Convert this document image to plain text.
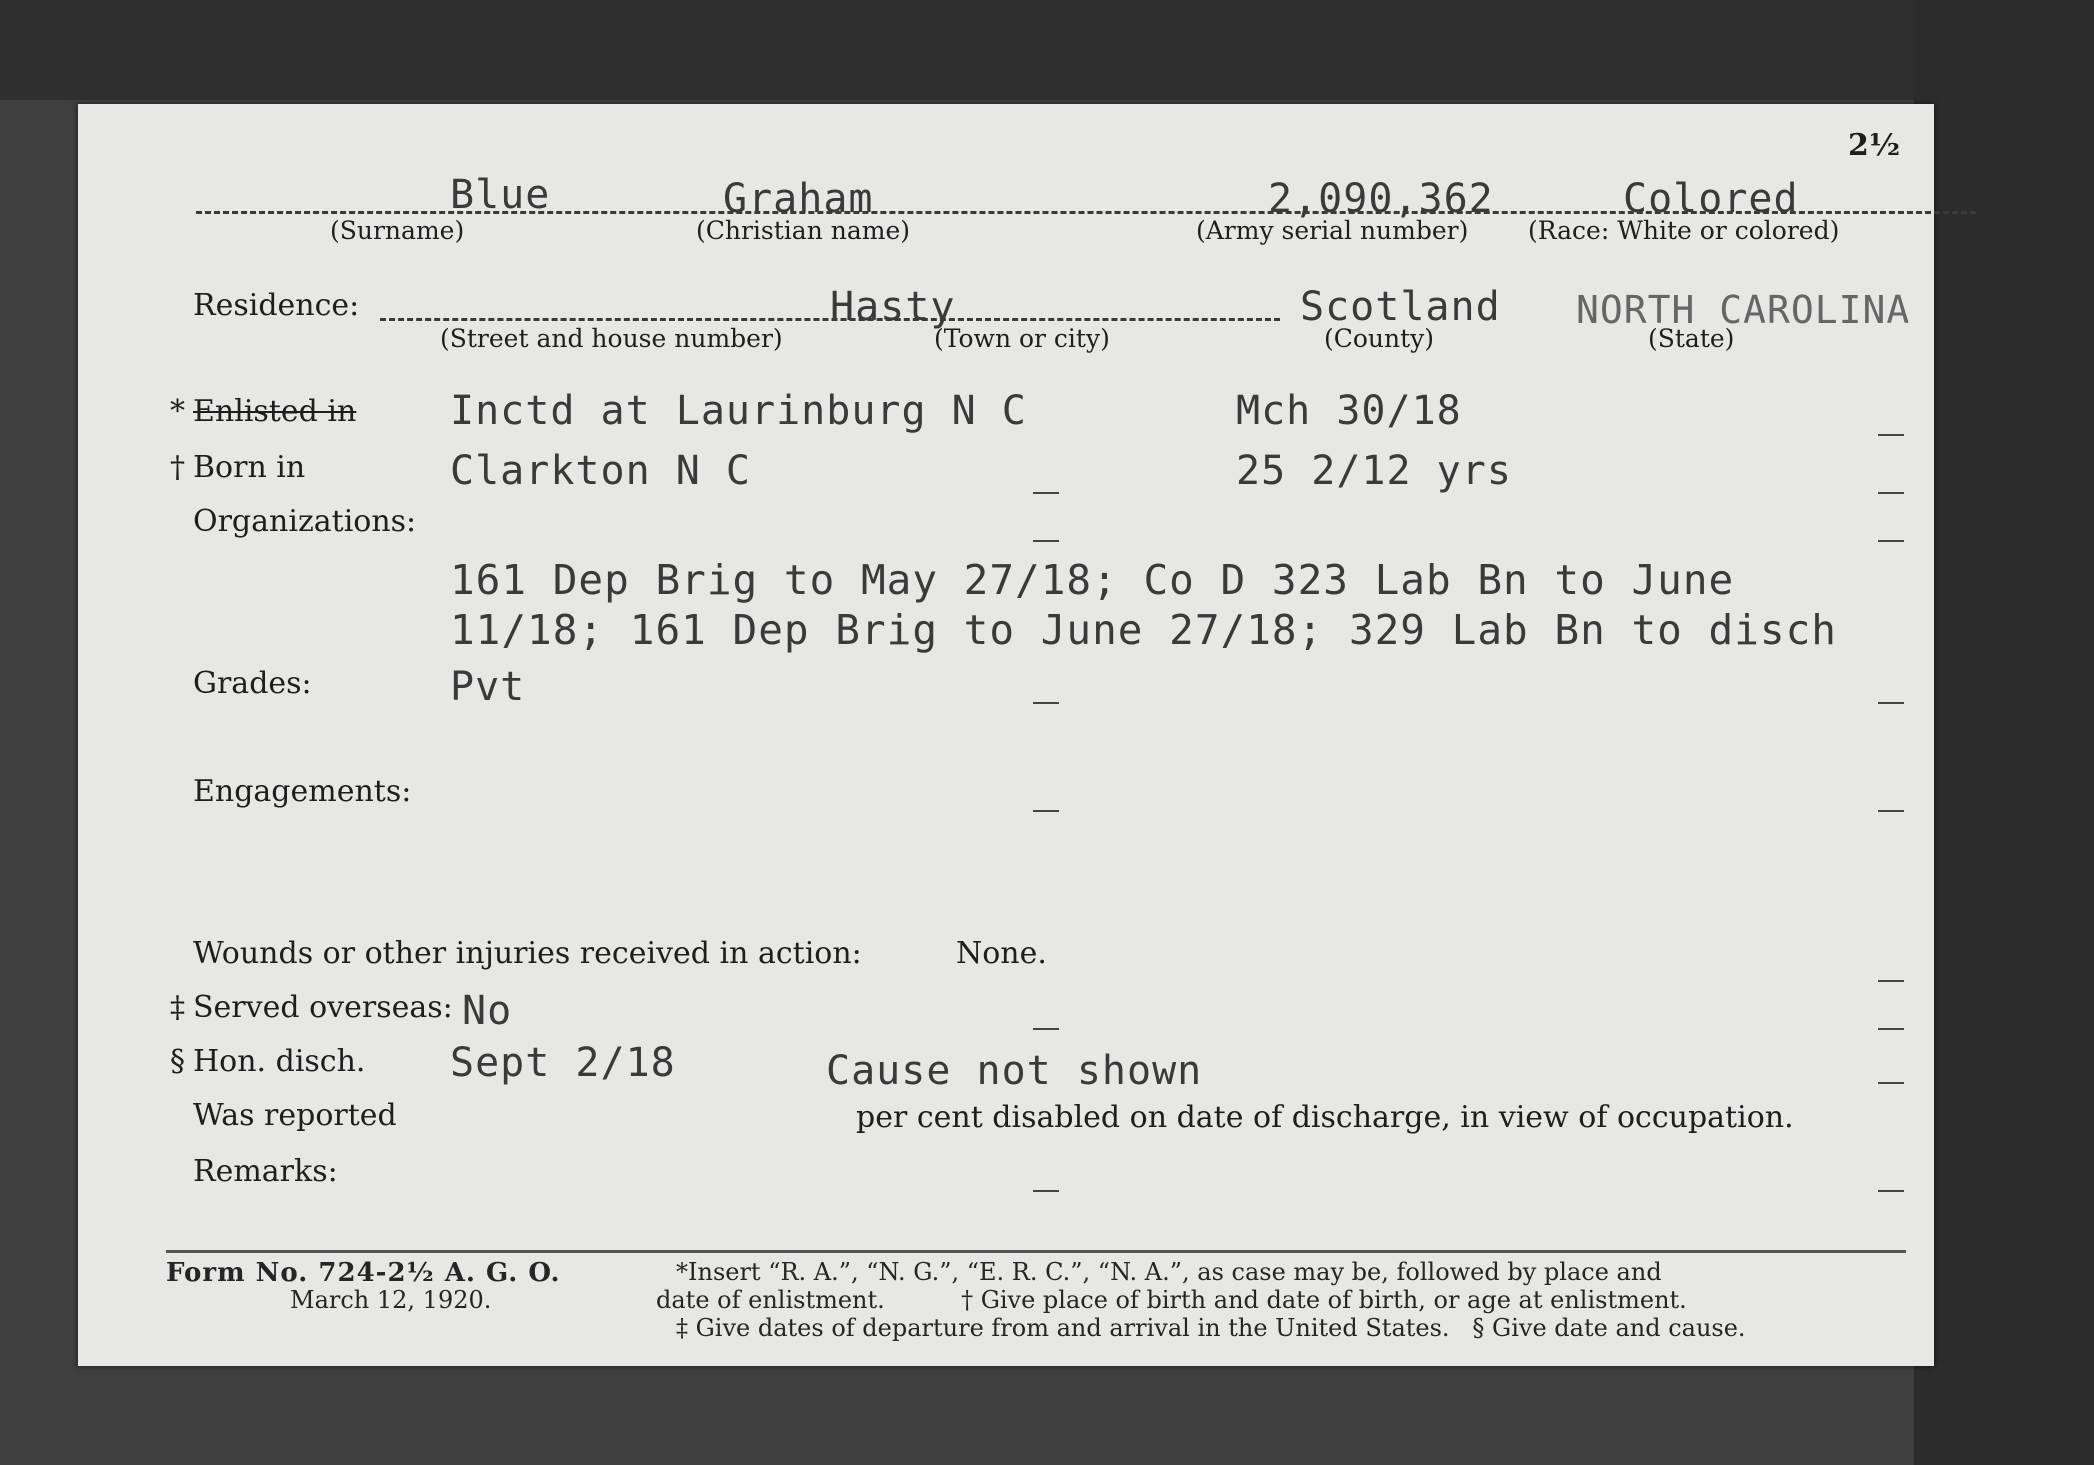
2½
Blue	Graham	2,090,362	Colored
(Surname)	(Christian name)	(Army serial number) (Race: White or colored)
Residence:	Hasty	Scotland NORTH CAROLINA
(Street and house number)	(Town or city)	(County)	(State)
* Enlisted in Inctd at Laurinburg N C	Mch 30/18
† Born in	Clarkton N C	25 2/12 yrs
Organizations:
161 Dep Brig to May 27/18; Co D 323 Lab Bn to June
11/18; 161 Dep Brig to June 27/18; 329 Lab Bn to disch
Grades:	Pvt
Engagements:
Wounds or other injuries received in action:	None.
‡ Served overseas: No
§ Hon. disch. Sept 2/18	Cause not shown
Was reported	per cent disabled on date of discharge, in view of occupation.
Remarks:
Form No. 724-2½ A. G. O.
March 12, 1920.
*Insert “R. A.”, “N. G.”, “E. R. C.”, “N. A.”, as case may be, followed by place and
date of enlistment.          † Give place of birth and date of birth, or age at enlistment.
‡ Give dates of departure from and arrival in the United States.   § Give date and cause.
